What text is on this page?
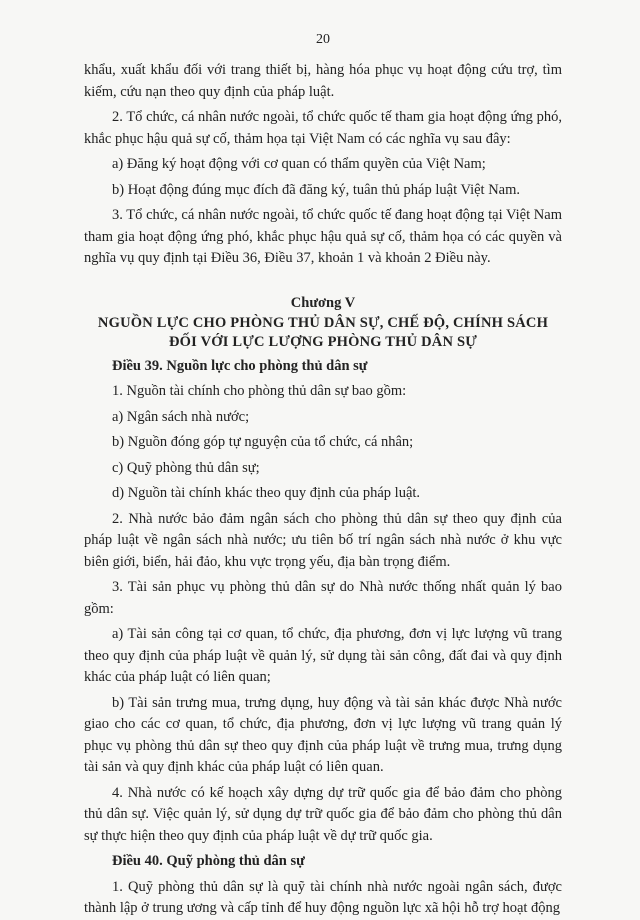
20

khẩu, xuất khẩu đối với trang thiết bị, hàng hóa phục vụ hoạt động cứu trợ, tìm kiếm, cứu nạn theo quy định của pháp luật.

2. Tổ chức, cá nhân nước ngoài, tổ chức quốc tế tham gia hoạt động ứng phó, khắc phục hậu quả sự cố, thảm họa tại Việt Nam có các nghĩa vụ sau đây:

a) Đăng ký hoạt động với cơ quan có thẩm quyền của Việt Nam;

b) Hoạt động đúng mục đích đã đăng ký, tuân thủ pháp luật Việt Nam.

3. Tổ chức, cá nhân nước ngoài, tổ chức quốc tế đang hoạt động tại Việt Nam tham gia hoạt động ứng phó, khắc phục hậu quả sự cố, thảm họa có các quyền và nghĩa vụ quy định tại Điều 36, Điều 37, khoản 1 và khoản 2 Điều này.

Chương V
NGUỒN LỰC CHO PHÒNG THỦ DÂN SỰ, CHẾ ĐỘ, CHÍNH SÁCH
ĐỐI VỚI LỰC LƯỢNG PHÒNG THỦ DÂN SỰ

Điều 39. Nguồn lực cho phòng thủ dân sự

1. Nguồn tài chính cho phòng thủ dân sự bao gồm:

a) Ngân sách nhà nước;

b) Nguồn đóng góp tự nguyện của tổ chức, cá nhân;

c) Quỹ phòng thủ dân sự;

d) Nguồn tài chính khác theo quy định của pháp luật.

2. Nhà nước bảo đảm ngân sách cho phòng thủ dân sự theo quy định của pháp luật về ngân sách nhà nước; ưu tiên bố trí ngân sách nhà nước ở khu vực biên giới, biển, hải đảo, khu vực trọng yếu, địa bàn trọng điểm.

3. Tài sản phục vụ phòng thủ dân sự do Nhà nước thống nhất quản lý bao gồm:

a) Tài sản công tại cơ quan, tổ chức, địa phương, đơn vị lực lượng vũ trang theo quy định của pháp luật về quản lý, sử dụng tài sản công, đất đai và quy định khác của pháp luật có liên quan;

b) Tài sản trưng mua, trưng dụng, huy động và tài sản khác được Nhà nước giao cho các cơ quan, tổ chức, địa phương, đơn vị lực lượng vũ trang quản lý phục vụ phòng thủ dân sự theo quy định của pháp luật về trưng mua, trưng dụng tài sản và quy định khác của pháp luật có liên quan.

4. Nhà nước có kế hoạch xây dựng dự trữ quốc gia để bảo đảm cho phòng thủ dân sự. Việc quản lý, sử dụng dự trữ quốc gia để bảo đảm cho phòng thủ dân sự thực hiện theo quy định của pháp luật về dự trữ quốc gia.

Điều 40. Quỹ phòng thủ dân sự

1. Quỹ phòng thủ dân sự là quỹ tài chính nhà nước ngoài ngân sách, được thành lập ở trung ương và cấp tỉnh để huy động nguồn lực xã hội hỗ trợ hoạt động
